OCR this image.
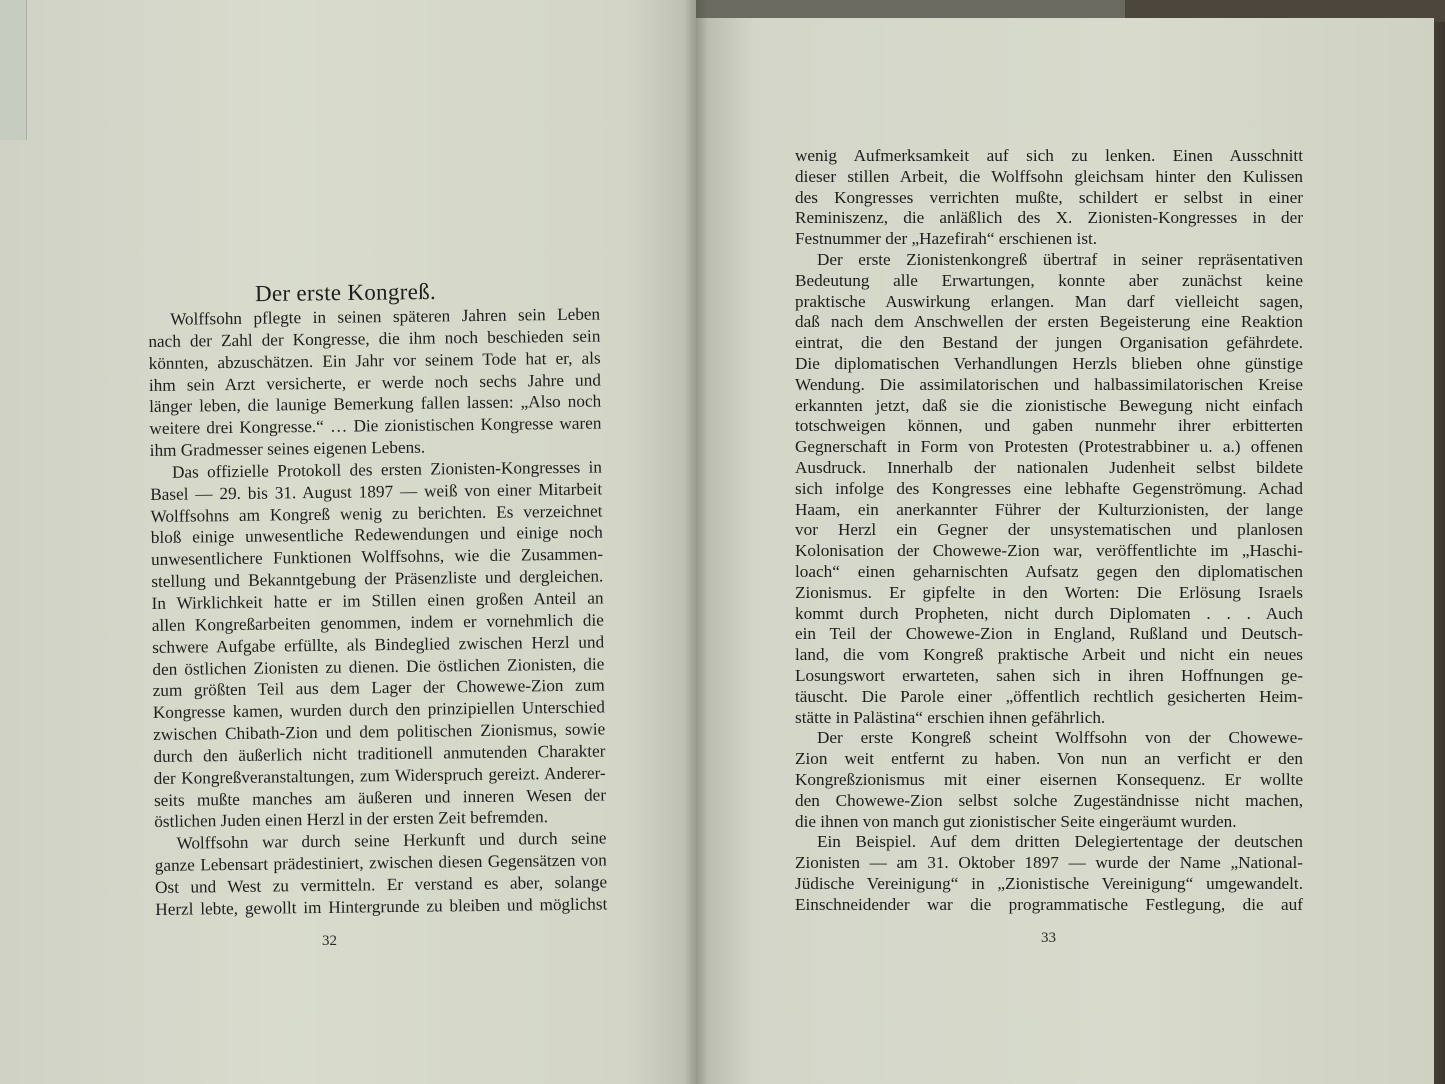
Der erste Kongreß.
Wolffsohn pflegte in seinen späteren Jahren sein Leben
nach der Zahl der Kongresse, die ihm noch beschieden sein
könnten, abzuschätzen. Ein Jahr vor seinem Tode hat er, als
ihm sein Arzt versicherte, er werde noch sechs Jahre und
länger leben, die launige Bemerkung fallen lassen: „Also noch
weitere drei Kongresse.“ … Die zionistischen Kongresse waren
ihm Gradmesser seines eigenen Lebens.
Das offizielle Protokoll des ersten Zionisten-Kongresses in
Basel — 29. bis 31. August 1897 — weiß von einer Mitarbeit
Wolffsohns am Kongreß wenig zu berichten. Es verzeichnet
bloß einige unwesentliche Redewendungen und einige noch
unwesentlichere Funktionen Wolffsohns, wie die Zusammen-
stellung und Bekanntgebung der Präsenzliste und dergleichen.
In Wirklichkeit hatte er im Stillen einen großen Anteil an
allen Kongreßarbeiten genommen, indem er vornehmlich die
schwere Aufgabe erfüllte, als Bindeglied zwischen Herzl und
den östlichen Zionisten zu dienen. Die östlichen Zionisten, die
zum größten Teil aus dem Lager der Chowewe-Zion zum
Kongresse kamen, wurden durch den prinzipiellen Unterschied
zwischen Chibath-Zion und dem politischen Zionismus, sowie
durch den äußerlich nicht traditionell anmutenden Charakter
der Kongreßveranstaltungen, zum Widerspruch gereizt. Anderer-
seits mußte manches am äußeren und inneren Wesen der
östlichen Juden einen Herzl in der ersten Zeit befremden.
Wolffsohn war durch seine Herkunft und durch seine
ganze Lebensart prädestiniert, zwischen diesen Gegensätzen von
Ost und West zu vermitteln. Er verstand es aber, solange
Herzl lebte, gewollt im Hintergrunde zu bleiben und möglichst
wenig Aufmerksamkeit auf sich zu lenken. Einen Ausschnitt
dieser stillen Arbeit, die Wolffsohn gleichsam hinter den Kulissen
des Kongresses verrichten mußte, schildert er selbst in einer
Reminiszenz, die anläßlich des X. Zionisten-Kongresses in der
Festnummer der „Hazefirah“ erschienen ist.
Der erste Zionistenkongreß übertraf in seiner repräsentativen
Bedeutung alle Erwartungen, konnte aber zunächst keine
praktische Auswirkung erlangen. Man darf vielleicht sagen,
daß nach dem Anschwellen der ersten Begeisterung eine Reaktion
eintrat, die den Bestand der jungen Organisation gefährdete.
Die diplomatischen Verhandlungen Herzls blieben ohne günstige
Wendung. Die assimilatorischen und halbassimilatorischen Kreise
erkannten jetzt, daß sie die zionistische Bewegung nicht einfach
totschweigen können, und gaben nunmehr ihrer erbitterten
Gegnerschaft in Form von Protesten (Protestrabbiner u. a.) offenen
Ausdruck. Innerhalb der nationalen Judenheit selbst bildete
sich infolge des Kongresses eine lebhafte Gegenströmung. Achad
Haam, ein anerkannter Führer der Kulturzionisten, der lange
vor Herzl ein Gegner der unsystematischen und planlosen
Kolonisation der Chowewe-Zion war, veröffentlichte im „Haschi-
loach“ einen geharnischten Aufsatz gegen den diplomatischen
Zionismus. Er gipfelte in den Worten: Die Erlösung Israels
kommt durch Propheten, nicht durch Diplomaten . . . Auch
ein Teil der Chowewe-Zion in England, Rußland und Deutsch-
land, die vom Kongreß praktische Arbeit und nicht ein neues
Losungswort erwarteten, sahen sich in ihren Hoffnungen ge-
täuscht. Die Parole einer „öffentlich rechtlich gesicherten Heim-
stätte in Palästina“ erschien ihnen gefährlich.
Der erste Kongreß scheint Wolffsohn von der Chowewe-
Zion weit entfernt zu haben. Von nun an verficht er den
Kongreßzionismus mit einer eisernen Konsequenz. Er wollte
den Chowewe-Zion selbst solche Zugeständnisse nicht machen,
die ihnen von manch gut zionistischer Seite eingeräumt wurden.
Ein Beispiel. Auf dem dritten Delegiertentage der deutschen
Zionisten — am 31. Oktober 1897 — wurde der Name „National-
Jüdische Vereinigung“ in „Zionistische Vereinigung“ umgewandelt.
Einschneidender war die programmatische Festlegung, die auf
32	33
